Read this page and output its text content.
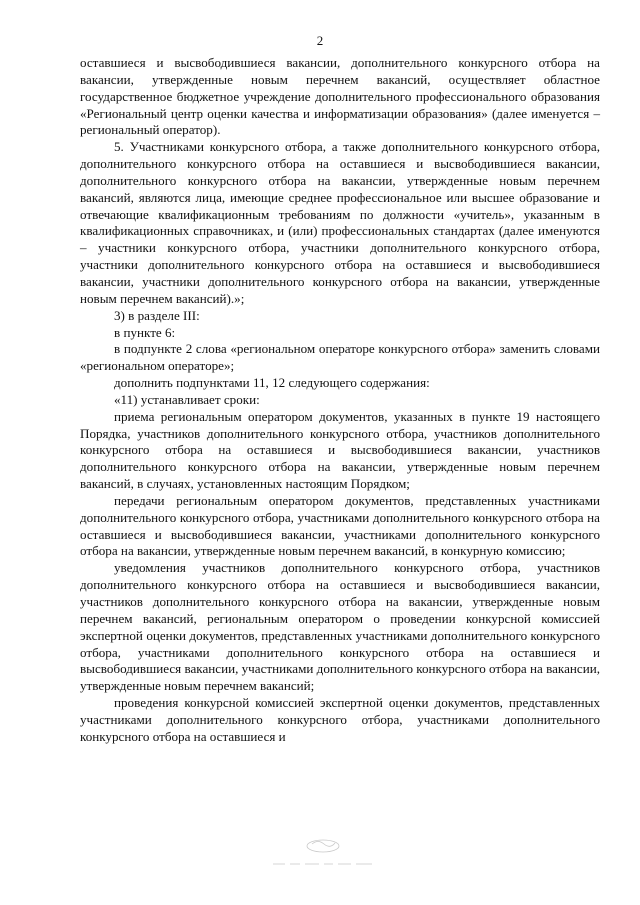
2

оставшиеся и высвободившиеся вакансии, дополнительного конкурсного отбора на вакансии, утвержденные новым перечнем вакансий, осуществляет областное государственное бюджетное учреждение дополнительного профессионального образования «Региональный центр оценки качества и информатизации образования» (далее именуется – региональный оператор).

5. Участниками конкурсного отбора, а также дополнительного конкурсного отбора, дополнительного конкурсного отбора на оставшиеся и высвободившиеся вакансии, дополнительного конкурсного отбора на вакансии, утвержденные новым перечнем вакансий, являются лица, имеющие среднее профессиональное или высшее образование и отвечающие квалификационным требованиям по должности «учитель», указанным в квалификационных справочниках, и (или) профессиональных стандартах (далее именуются – участники конкурсного отбора, участники дополнительного конкурсного отбора, участники дополнительного конкурсного отбора на оставшиеся и высвободившиеся вакансии, участники дополнительного конкурсного отбора на вакансии, утвержденные новым перечнем вакансий).»;

3) в разделе III:

в пункте 6:

в подпункте 2 слова «региональном операторе конкурсного отбора» заменить словами «региональном операторе»;

дополнить подпунктами 11, 12 следующего содержания:

«11) устанавливает сроки:

приема региональным оператором документов, указанных в пункте 19 настоящего Порядка, участников дополнительного конкурсного отбора, участников дополнительного конкурсного отбора на оставшиеся и высвободившиеся вакансии, участников дополнительного конкурсного отбора на вакансии, утвержденные новым перечнем вакансий, в случаях, установленных настоящим Порядком;

передачи региональным оператором документов, представленных участниками дополнительного конкурсного отбора, участниками дополнительного конкурсного отбора на оставшиеся и высвободившиеся вакансии, участниками дополнительного конкурсного отбора на вакансии, утвержденные новым перечнем вакансий, в конкурную комиссию;

уведомления участников дополнительного конкурсного отбора, участников дополнительного конкурсного отбора на оставшиеся и высвободившиеся вакансии, участников дополнительного конкурсного отбора на вакансии, утвержденные новым перечнем вакансий, региональным оператором о проведении конкурсной комиссией экспертной оценки документов, представленных участниками дополнительного конкурсного отбора, участниками дополнительного конкурсного отбора на оставшиеся и высвободившиеся вакансии, участниками дополнительного конкурсного отбора на вакансии, утвержденные новым перечнем вакансий;

проведения конкурсной комиссией экспертной оценки документов, представленных участниками дополнительного конкурсного отбора, участниками дополнительного конкурсного отбора на оставшиеся и
